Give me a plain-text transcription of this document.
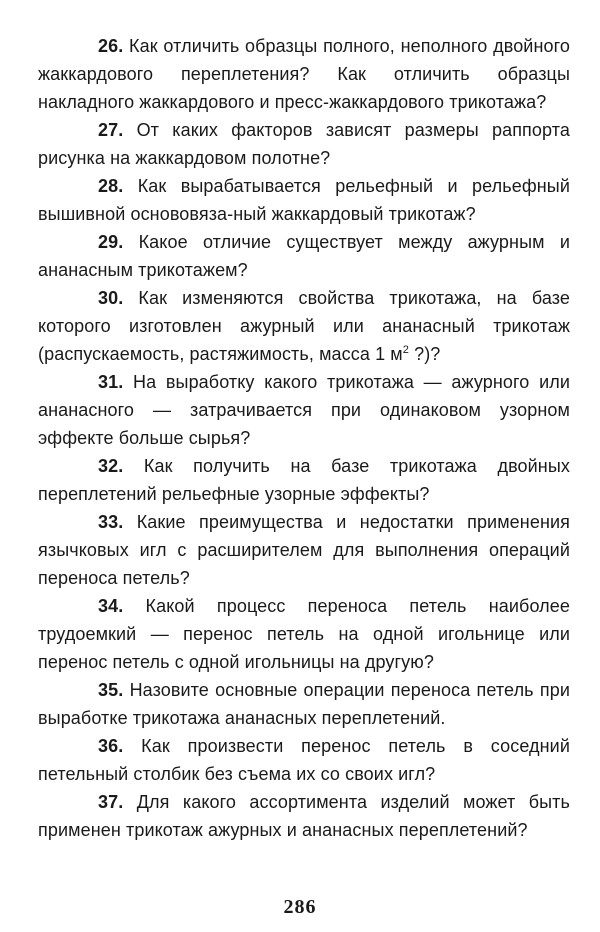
26. Как отличить образцы полного, неполного двойного жаккардового переплетения? Как отличить образцы накладного жаккардового и пресс-жаккардового трикотажа?

27. От каких факторов зависят размеры раппорта рисунка на жаккардовом полотне?

28. Как вырабатывается рельефный и рельефный вышивной основовяза-ный жаккардовый трикотаж?

29. Какое отличие существует между ажурным и ананасным трикотажем?

30. Как изменяются свойства трикотажа, на базе которого изготовлен ажурный или ананасный трикотаж (распускаемость, растяжимость, масса 1 $м^2$ ?)?

31. На выработку какого трикотажа — ажурного или ананасного — затрачивается при одинаковом узорном эффекте больше сырья?

32. Как получить на базе трикотажа двойных переплетений рельефные узорные эффекты?

33. Какие преимущества и недостатки применения язычковых игл с расширителем для выполнения операций переноса петель?

34. Какой процесс переноса петель наиболее трудоемкий — перенос петель на одной игольнице или перенос петель с одной игольницы на другую?

35. Назовите основные операции переноса петель при выработке трикотажа ананасных переплетений.

36. Как произвести перенос петель в соседний петельный столбик без съема их со своих игл?

37. Для какого ассортимента изделий может быть применен трикотаж ажурных и ананасных переплетений?

286
